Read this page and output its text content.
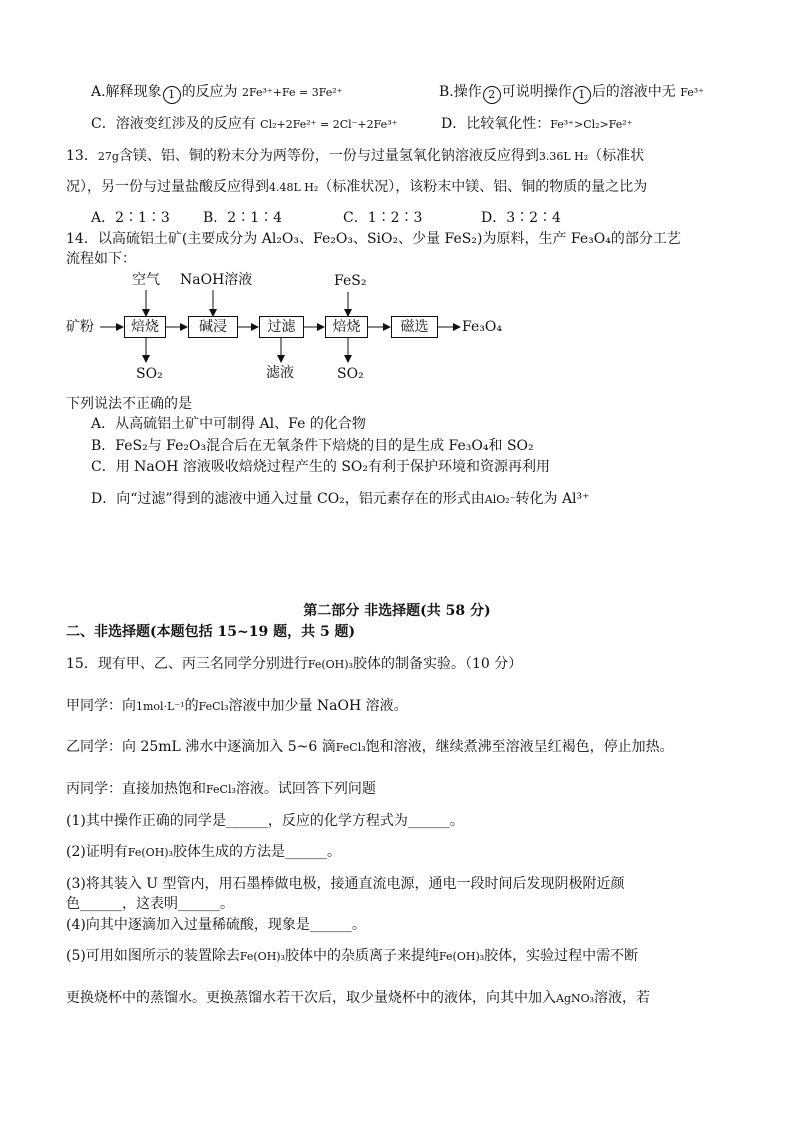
A.解释现象 1 的反应为 2Fe³⁺+Fe = 3Fe²⁺	B.操作 2 可说明操作 1 后的溶液中无 Fe³⁺
C．溶液变红涉及的反应有 Cl₂+2Fe²⁺ = 2Cl⁻+2Fe³⁺	D．比较氧化性：Fe³⁺>Cl₂>Fe²⁺
13．27g含镁、铝、铜的粉末分为两等份，一份与过量氢氧化钠溶液反应得到3.36L H₂（标准状
况），另一份与过量盐酸反应得到4.48L H₂（标准状况），该粉末中镁、铝、铜的物质的量之比为
A．2∶1∶3 B．2∶1∶4	C．1∶2∶3	D．3∶2∶4
14．以高硫铝土矿(主要成分为 Al₂O₃、Fe₂O₃、SiO₂、少量 FeS₂)为原料，生产 Fe₃O₄的部分工艺
流程如下：
矿粉	焙烧	碱浸	过滤	焙烧	磁选	Fe₃O₄
空气 NaOH溶液	FeS₂
SO₂	滤液	SO₂
下列说法不正确的是
A．从高硫铝土矿中可制得 Al、Fe 的化合物
B．FeS₂与 Fe₂O₃混合后在无氧条件下焙烧的目的是生成 Fe₃O₄和 SO₂
C．用 NaOH 溶液吸收焙烧过程产生的 SO₂有利于保护环境和资源再利用
D．向“过滤”得到的滤液中通入过量 CO₂，铝元素存在的形式由AlO₂⁻转化为 Al³⁺
第二部分 非选择题(共 58 分)
二、非选择题(本题包括 15~19 题，共 5 题)
15．现有甲、乙、丙三名同学分别进行Fe(OH)₃胶体的制备实验。（10 分）
甲同学：向1mol·L⁻¹的FeCl₃溶液中加少量 NaOH 溶液。
乙同学：向 25mL 沸水中逐滴加入 5~6 滴FeCl₃饱和溶液，继续煮沸至溶液呈红褐色，停止加热。
丙同学：直接加热饱和FeCl₃溶液。试回答下列问题
(1)其中操作正确的同学是______，反应的化学方程式为______。
(2)证明有Fe(OH)₃胶体生成的方法是______。
(3)将其装入 U 型管内，用石墨棒做电极，接通直流电源，通电一段时间后发现阴极附近颜
色______，这表明______。
(4)向其中逐滴加入过量稀硫酸，现象是______。
(5)可用如图所示的装置除去Fe(OH)₃胶体中的杂质离子来提纯Fe(OH)₃胶体，实验过程中需不断
更换烧杯中的蒸馏水。更换蒸馏水若干次后，取少量烧杯中的液体，向其中加入AgNO₃溶液，若
